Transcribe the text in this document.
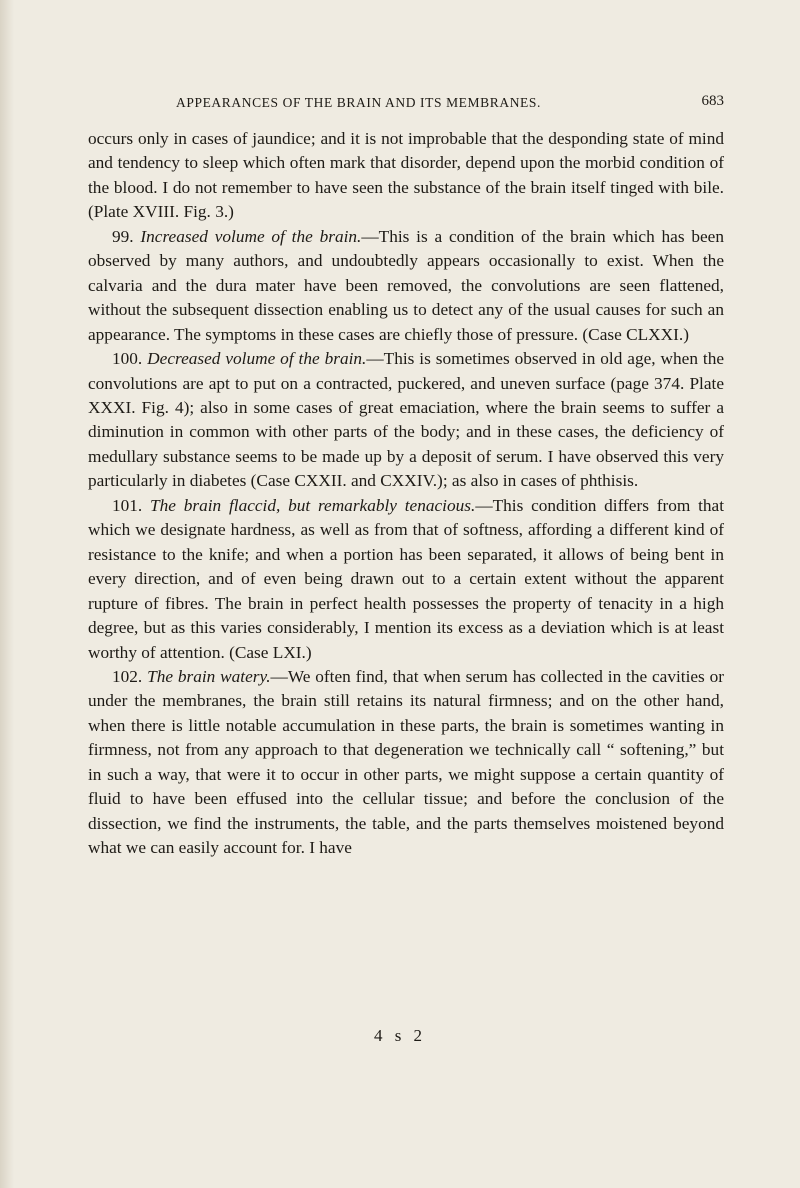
APPEARANCES OF THE BRAIN AND ITS MEMBRANES.	683

occurs only in cases of jaundice; and it is not improbable that the desponding state of mind and tendency to sleep which often mark that disorder, depend upon the morbid condition of the blood. I do not remember to have seen the substance of the brain itself tinged with bile. (Plate XVIII. Fig. 3.)

99. Increased volume of the brain.—This is a condition of the brain which has been observed by many authors, and undoubtedly appears occasionally to exist. When the calvaria and the dura mater have been removed, the convolutions are seen flattened, without the subsequent dissection enabling us to detect any of the usual causes for such an appearance. The symptoms in these cases are chiefly those of pressure. (Case CLXXI.)

100. Decreased volume of the brain.—This is sometimes observed in old age, when the convolutions are apt to put on a contracted, puckered, and uneven surface (page 374. Plate XXXI. Fig. 4); also in some cases of great emaciation, where the brain seems to suffer a diminution in common with other parts of the body; and in these cases, the deficiency of medullary substance seems to be made up by a deposit of serum. I have observed this very particularly in diabetes (Case CXXII. and CXXIV.); as also in cases of phthisis.

101. The brain flaccid, but remarkably tenacious.—This condition differs from that which we designate hardness, as well as from that of softness, affording a different kind of resistance to the knife; and when a portion has been separated, it allows of being bent in every direction, and of even being drawn out to a certain extent without the apparent rupture of fibres. The brain in perfect health possesses the property of tenacity in a high degree, but as this varies considerably, I mention its excess as a deviation which is at least worthy of attention. (Case LXI.)

102. The brain watery.—We often find, that when serum has collected in the cavities or under the membranes, the brain still retains its natural firmness; and on the other hand, when there is little notable accumulation in these parts, the brain is sometimes wanting in firmness, not from any approach to that degeneration we technically call “ softening,” but in such a way, that were it to occur in other parts, we might suppose a certain quantity of fluid to have been effused into the cellular tissue; and before the conclusion of the dissection, we find the instruments, the table, and the parts themselves moistened beyond what we can easily account for. I have

4 s 2
